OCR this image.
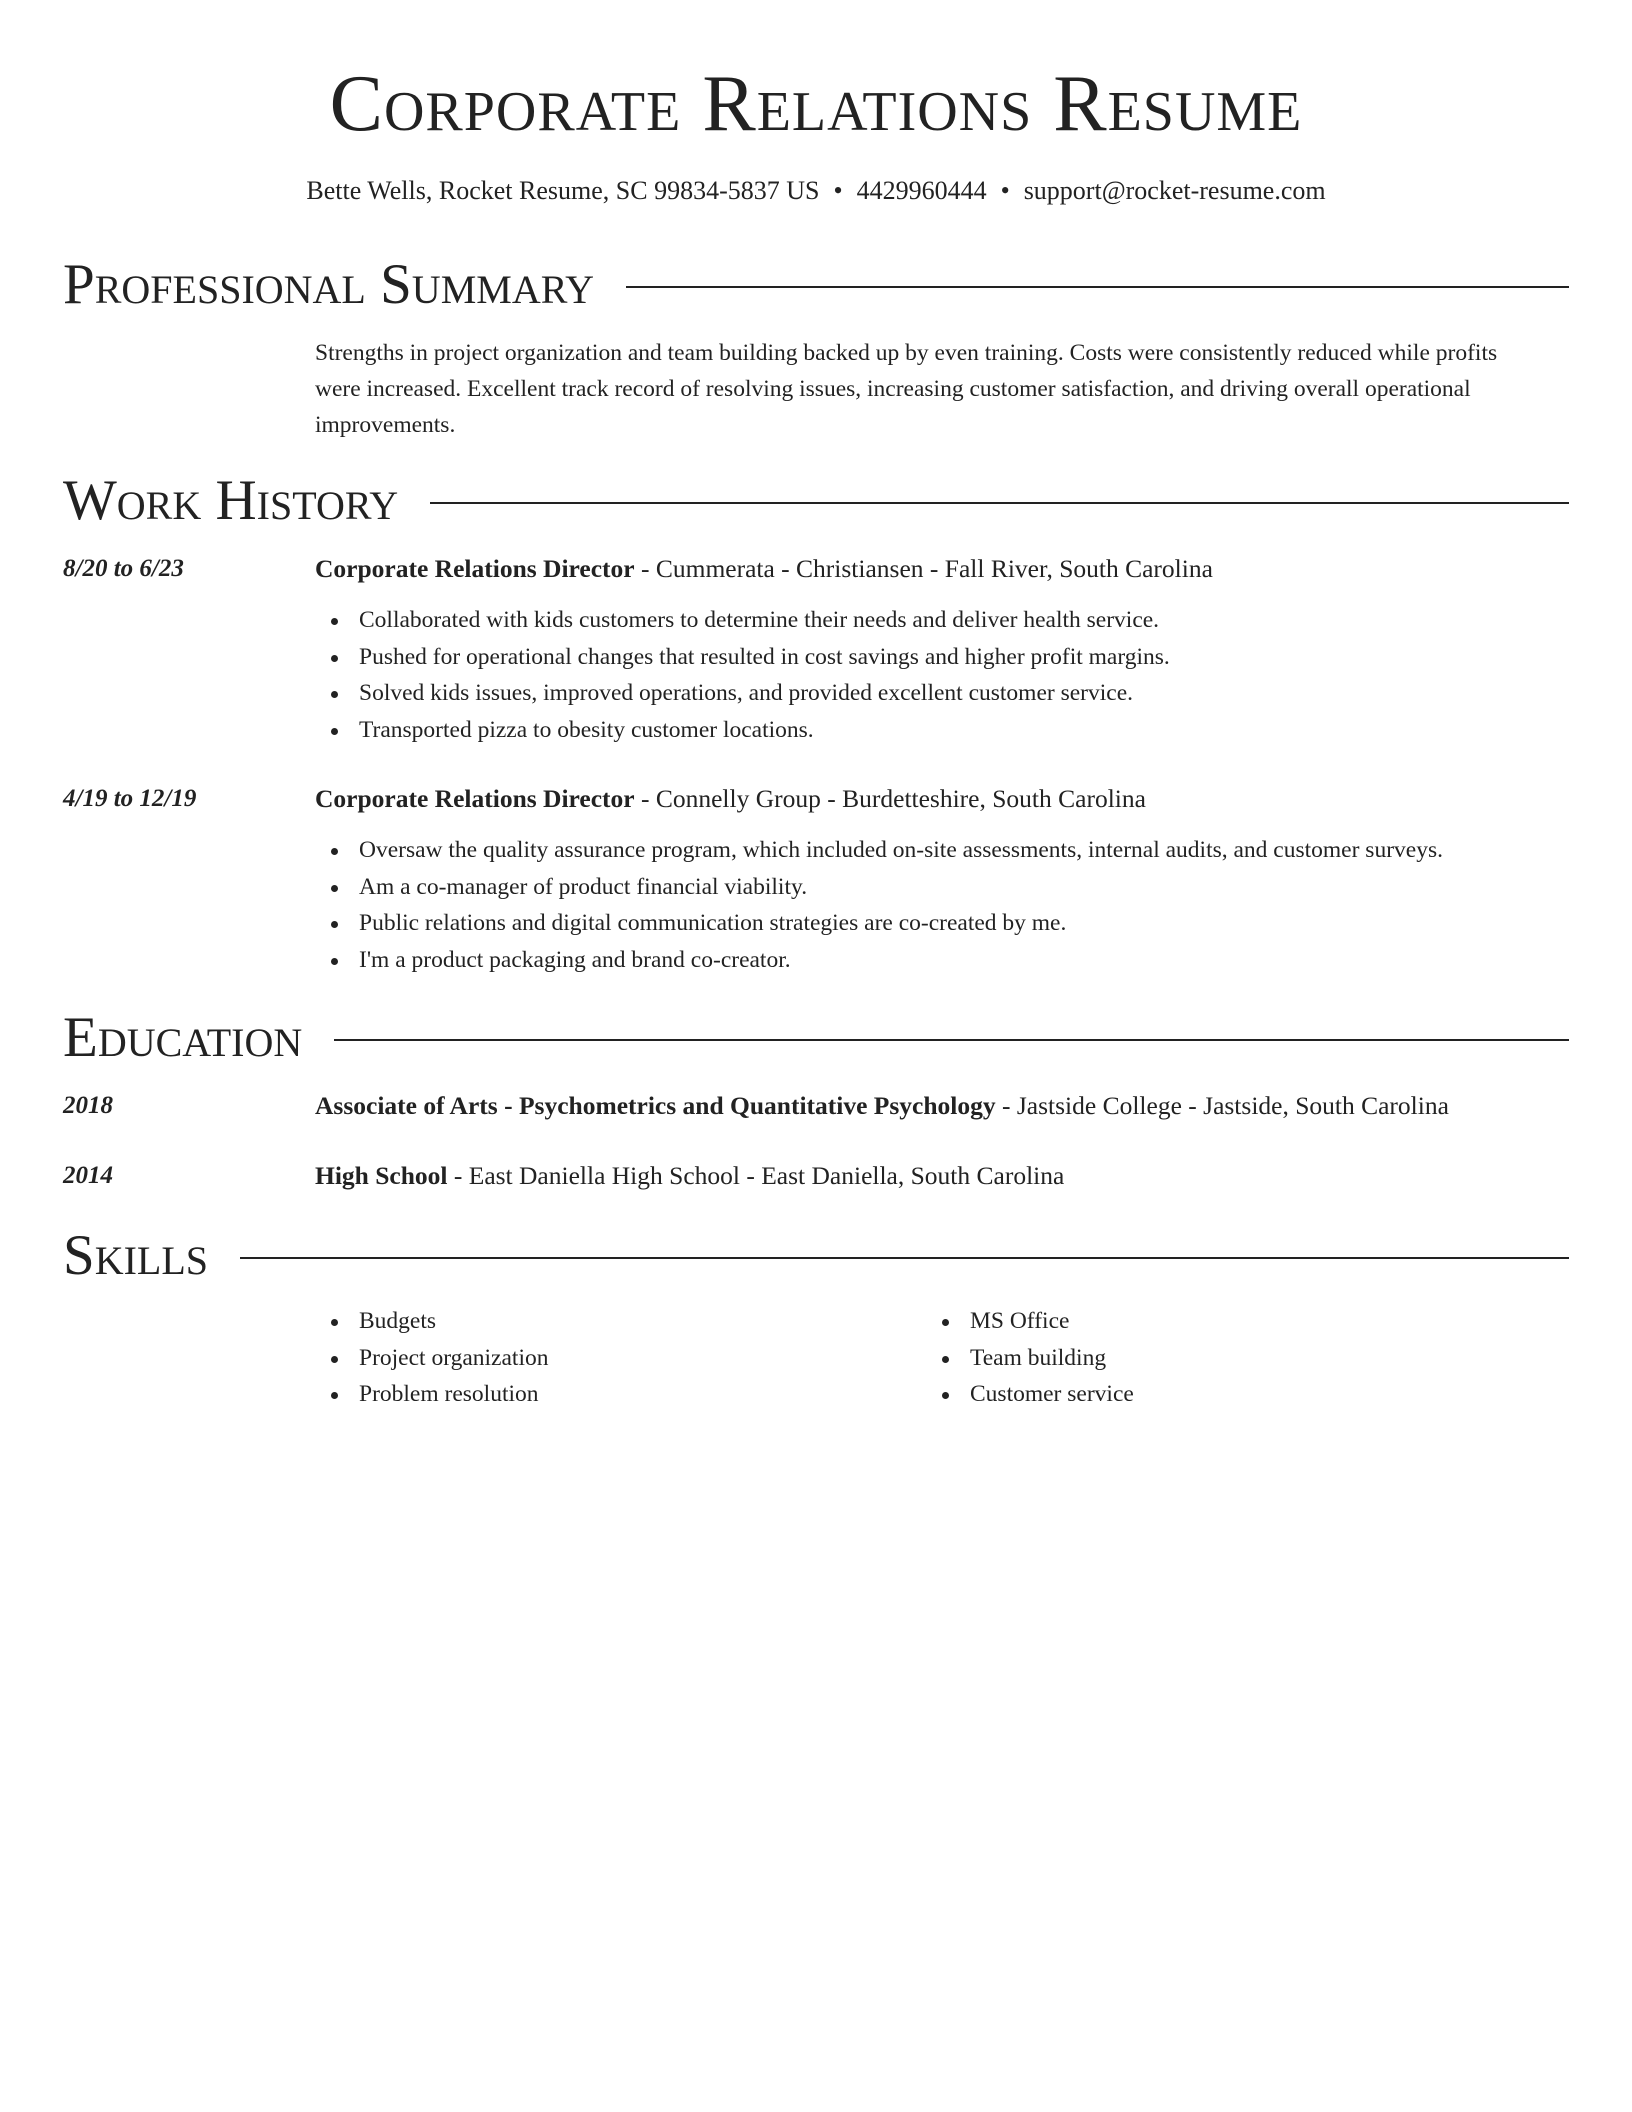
Corporate Relations Resume
Bette Wells, Rocket Resume, SC 99834-5837 US • 4429960444 • support@rocket-resume.com
Professional Summary
Strengths in project organization and team building backed up by even training. Costs were consistently reduced while profits were increased. Excellent track record of resolving issues, increasing customer satisfaction, and driving overall operational improvements.
Work History
8/20 to 6/23	Corporate Relations Director - Cummerata - Christiansen - Fall River, South Carolina
Collaborated with kids customers to determine their needs and deliver health service.
Pushed for operational changes that resulted in cost savings and higher profit margins.
Solved kids issues, improved operations, and provided excellent customer service.
Transported pizza to obesity customer locations.
4/19 to 12/19	Corporate Relations Director - Connelly Group - Burdetteshire, South Carolina
Oversaw the quality assurance program, which included on-site assessments, internal audits, and customer surveys.
Am a co-manager of product financial viability.
Public relations and digital communication strategies are co-created by me.
I'm a product packaging and brand co-creator.
Education
2018	Associate of Arts - Psychometrics and Quantitative Psychology - Jastside College - Jastside, South Carolina
2014	High School - East Daniella High School - East Daniella, South Carolina
Skills
Budgets
Project organization
Problem resolution
MS Office
Team building
Customer service
